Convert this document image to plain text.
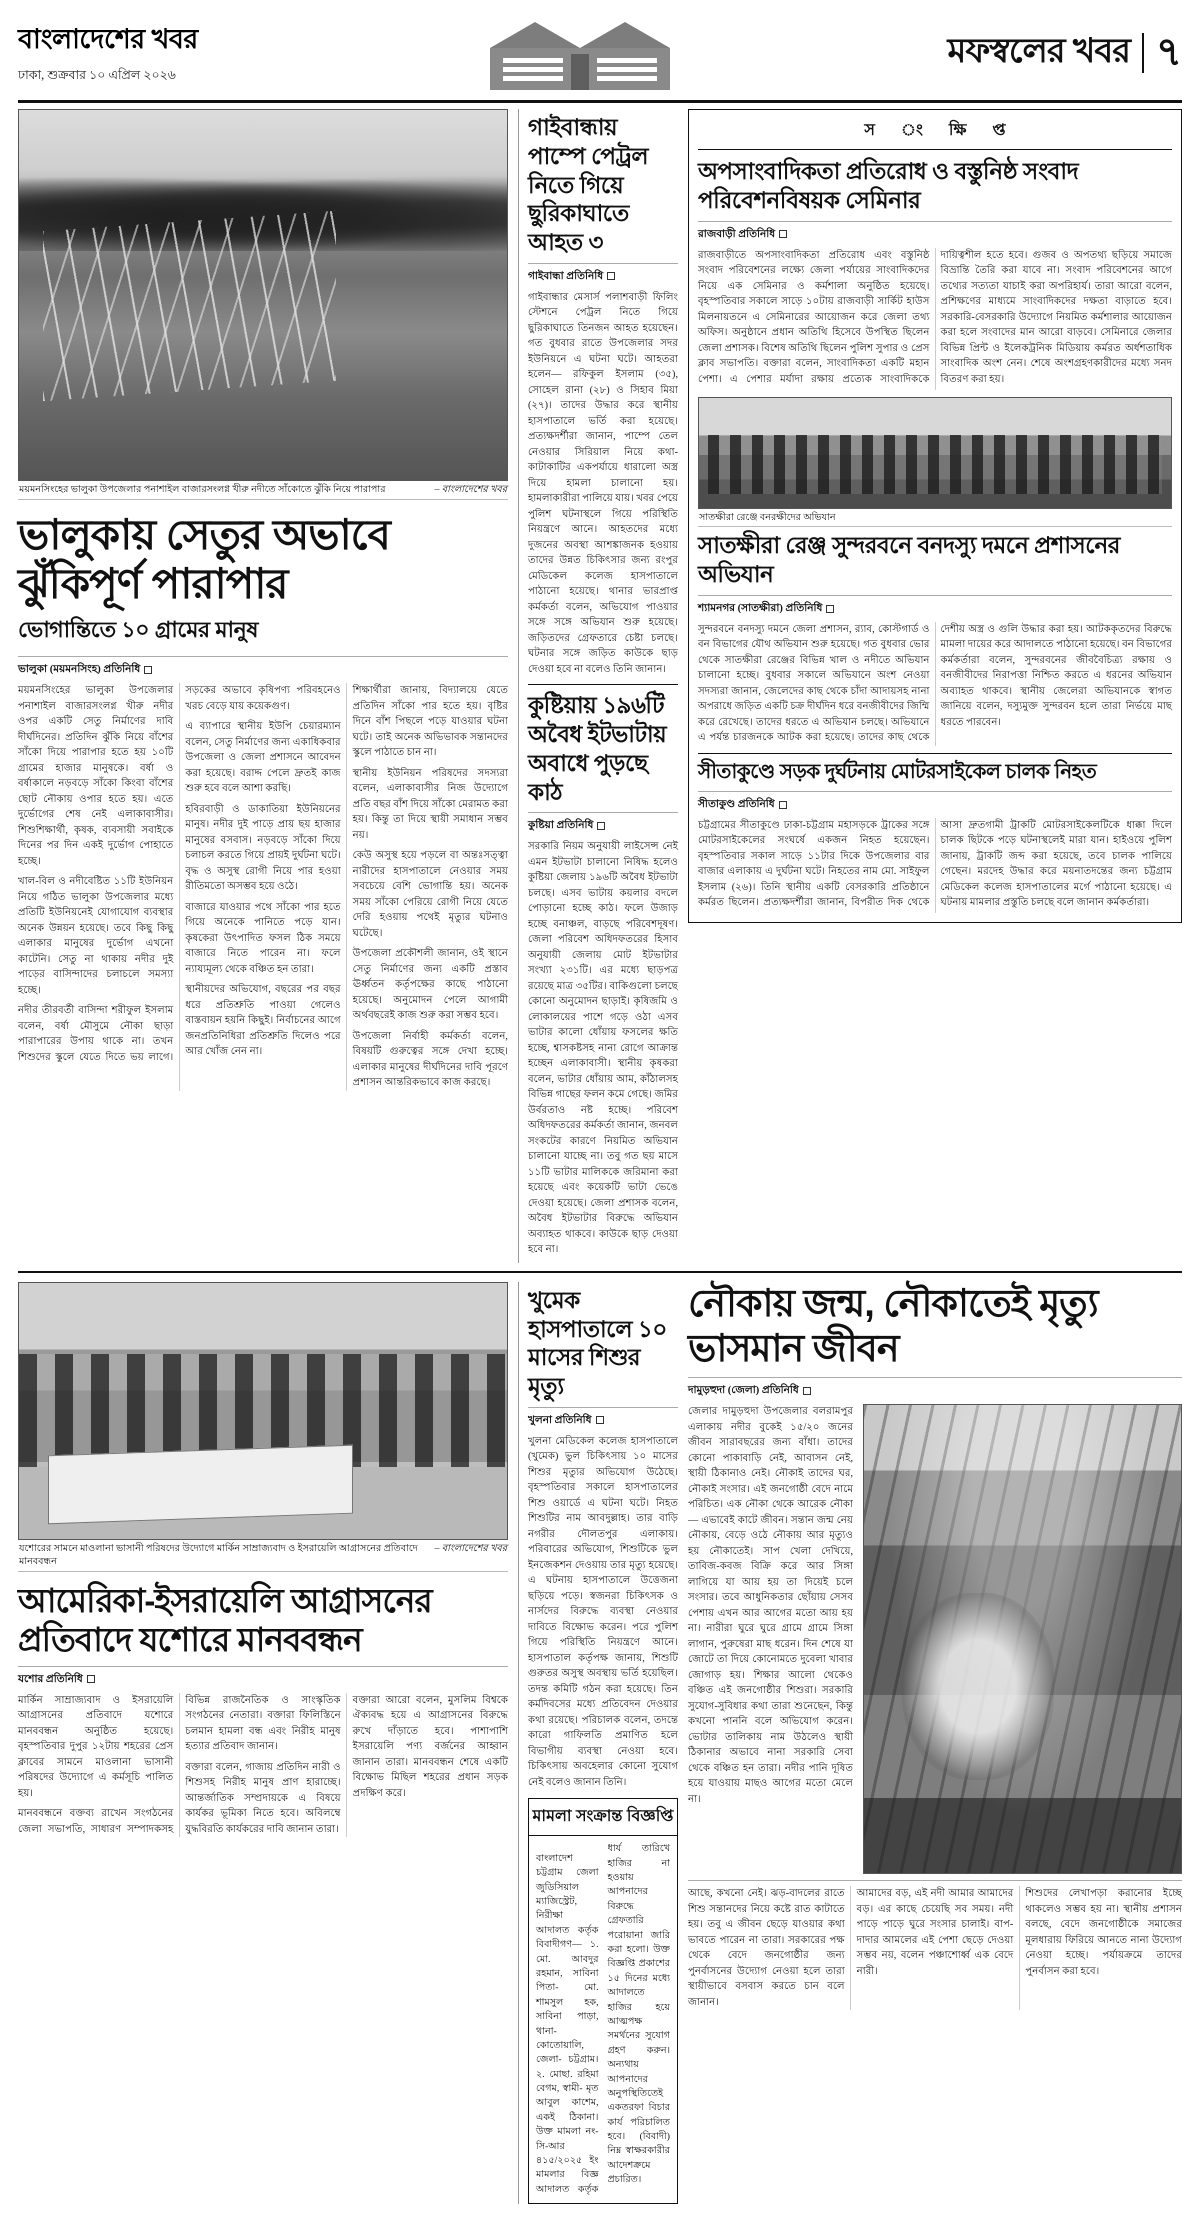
বাংলাদেশের খবর
ঢাকা, শুক্রবার ১০ এপ্রিল ২০২৬
মফস্বলের খবর ৭
ময়মনসিংহের ভালুকা উপজেলার পনাশাইল বাজারসংলগ্ন খীরু নদীতে সাঁকোতে ঝুঁকি নিয়ে পারাপার	– বাংলাদেশের খবর
ভালুকায় সেতুর অভাবে ঝুঁকিপূর্ণ পারাপার
ভোগান্তিতে ১০ গ্রামের মানুষ
ভালুকা (ময়মনসিংহ) প্রতিনিধি

ময়মনসিংহের ভালুকা উপজেলার পনাশাইল বাজারসংলগ্ন খীরু নদীর ওপর একটি সেতু নির্মাণের দাবি দীর্ঘদিনের। প্রতিদিন ঝুঁকি নিয়ে বাঁশের সাঁকো দিয়ে পারাপার হতে হয় ১০টি গ্রামের হাজার মানুষকে। বর্ষা ও বর্ষাকালে নড়বড়ে সাঁকো কিংবা বাঁশের ছোট নৌকায় ওপার হতে হয়। এতে দুর্ভোগের শেষ নেই এলাকাবাসীর। শিশুশিক্ষার্থী, কৃষক, ব্যবসায়ী সবাইকে দিনের পর দিন একই দুর্ভোগ পোহাতে হচ্ছে।

খাল-বিল ও নদীবেষ্টিত ১১টি ইউনিয়ন নিয়ে গঠিত ভালুকা উপজেলার মধ্যে প্রতিটি ইউনিয়নেই যোগাযোগ ব্যবস্থার অনেক উন্নয়ন হয়েছে। তবে কিছু কিছু এলাকার মানুষের দুর্ভোগ এখনো কাটেনি। সেতু না থাকায় নদীর দুই পাড়ের বাসিন্দাদের চলাচলে সমস্যা হচ্ছে।

নদীর তীরবর্তী বাসিন্দা শরীফুল ইসলাম বলেন, বর্ষা মৌসুমে নৌকা ছাড়া পারাপারের উপায় থাকে না। তখন শিশুদের স্কুলে যেতে দিতে ভয় লাগে। সড়কের অভাবে কৃষিপণ্য পরিবহনেও খরচ বেড়ে যায় কয়েকগুণ।

এ ব্যাপারে স্থানীয় ইউপি চেয়ারম্যান বলেন, সেতু নির্মাণের জন্য একাধিকবার উপজেলা ও জেলা প্রশাসনে আবেদন করা হয়েছে। বরাদ্দ পেলে দ্রুতই কাজ শুরু হবে বলে আশা করছি।

হবিরবাড়ী ও ডাকাতিয়া ইউনিয়নের মানুষ। নদীর দুই পাড়ে প্রায় ছয় হাজার মানুষের বসবাস। নড়বড়ে সাঁকো দিয়ে চলাচল করতে গিয়ে প্রায়ই দুর্ঘটনা ঘটে। বৃদ্ধ ও অসুস্থ রোগী নিয়ে পার হওয়া রীতিমতো অসম্ভব হয়ে ওঠে।

বাজারে যাওয়ার পথে সাঁকো পার হতে গিয়ে অনেকে পানিতে পড়ে যান। কৃষকেরা উৎপাদিত ফসল ঠিক সময়ে বাজারে নিতে পারেন না। ফলে ন্যায্যমূল্য থেকে বঞ্চিত হন তারা।

স্থানীয়দের অভিযোগ, বছরের পর বছর ধরে প্রতিশ্রুতি পাওয়া গেলেও বাস্তবায়ন হয়নি কিছুই। নির্বাচনের আগে জনপ্রতিনিধিরা প্রতিশ্রুতি দিলেও পরে আর খোঁজ নেন না।

শিক্ষার্থীরা জানায়, বিদ্যালয়ে যেতে প্রতিদিন সাঁকো পার হতে হয়। বৃষ্টির দিনে বাঁশ পিছলে পড়ে যাওয়ার ঘটনা ঘটে। তাই অনেক অভিভাবক সন্তানদের স্কুলে পাঠাতে চান না।

স্থানীয় ইউনিয়ন পরিষদের সদস্যরা বলেন, এলাকাবাসীর নিজ উদ্যোগে প্রতি বছর বাঁশ দিয়ে সাঁকো মেরামত করা হয়। কিন্তু তা দিয়ে স্থায়ী সমাধান সম্ভব নয়।

কেউ অসুস্থ হয়ে পড়লে বা অন্তঃসত্ত্বা নারীদের হাসপাতালে নেওয়ার সময় সবচেয়ে বেশি ভোগান্তি হয়। অনেক সময় সাঁকো পেরিয়ে রোগী নিয়ে যেতে দেরি হওয়ায় পথেই মৃত্যুর ঘটনাও ঘটেছে।

উপজেলা প্রকৌশলী জানান, ওই স্থানে সেতু নির্মাণের জন্য একটি প্রস্তাব ঊর্ধ্বতন কর্তৃপক্ষের কাছে পাঠানো হয়েছে। অনুমোদন পেলে আগামী অর্থবছরেই কাজ শুরু করা সম্ভব হবে।

উপজেলা নির্বাহী কর্মকর্তা বলেন, বিষয়টি গুরুত্বের সঙ্গে দেখা হচ্ছে। এলাকার মানুষের দীর্ঘদিনের দাবি পূরণে প্রশাসন আন্তরিকভাবে কাজ করছে।

গাইবান্ধায় পাম্পে পেট্রল নিতে গিয়ে ছুরিকাঘাতে আহত ৩
গাইবান্ধা প্রতিনিধি

গাইবান্ধার মেসার্স পলাশবাড়ী ফিলিং স্টেশনে পেট্রল নিতে গিয়ে ছুরিকাঘাতে তিনজন আহত হয়েছেন। গত বুধবার রাতে উপজেলার সদর ইউনিয়নে এ ঘটনা ঘটে। আহতরা হলেন— রফিকুল ইসলাম (৩৫), সোহেল রানা (২৮) ও সিহাব মিয়া (২৭)। তাদের উদ্ধার করে স্থানীয় হাসপাতালে ভর্তি করা হয়েছে। প্রত্যক্ষদর্শীরা জানান, পাম্পে তেল নেওয়ার সিরিয়াল নিয়ে কথা-কাটাকাটির একপর্যায়ে ধারালো অস্ত্র দিয়ে হামলা চালানো হয়। হামলাকারীরা পালিয়ে যায়। খবর পেয়ে পুলিশ ঘটনাস্থলে গিয়ে পরিস্থিতি নিয়ন্ত্রণে আনে। আহতদের মধ্যে দুজনের অবস্থা আশঙ্কাজনক হওয়ায় তাদের উন্নত চিকিৎসার জন্য রংপুর মেডিকেল কলেজ হাসপাতালে পাঠানো হয়েছে। থানার ভারপ্রাপ্ত কর্মকর্তা বলেন, অভিযোগ পাওয়ার সঙ্গে সঙ্গে অভিযান শুরু হয়েছে। জড়িতদের গ্রেফতারে চেষ্টা চলছে। ঘটনার সঙ্গে জড়িত কাউকে ছাড় দেওয়া হবে না বলেও তিনি জানান।

কুষ্টিয়ায় ১৯৬টি অবৈধ ইটভাটায় অবাধে পুড়ছে কাঠ
কুষ্টিয়া প্রতিনিধি

সরকারি নিয়ম অনুযায়ী লাইসেন্স নেই এমন ইটভাটা চালানো নিষিদ্ধ হলেও কুষ্টিয়া জেলায় ১৯৬টি অবৈধ ইটভাটা চলছে। এসব ভাটায় কয়লার বদলে পোড়ানো হচ্ছে কাঠ। ফলে উজাড় হচ্ছে বনাঞ্চল, বাড়ছে পরিবেশদূষণ। জেলা পরিবেশ অধিদফতরের হিসাব অনুযায়ী জেলায় মোট ইটভাটার সংখ্যা ২৩১টি। এর মধ্যে ছাড়পত্র রয়েছে মাত্র ৩৫টির। বাকিগুলো চলছে কোনো অনুমোদন ছাড়াই। কৃষিজমি ও লোকালয়ের পাশে গড়ে ওঠা এসব ভাটার কালো ধোঁয়ায় ফসলের ক্ষতি হচ্ছে, শ্বাসকষ্টসহ নানা রোগে আক্রান্ত হচ্ছেন এলাকাবাসী। স্থানীয় কৃষকরা বলেন, ভাটার ধোঁয়ায় আম, কাঁঠালসহ বিভিন্ন গাছের ফলন কমে গেছে। জমির উর্বরতাও নষ্ট হচ্ছে। পরিবেশ অধিদফতরের কর্মকর্তা জানান, জনবল সংকটের কারণে নিয়মিত অভিযান চালানো যাচ্ছে না। তবু গত ছয় মাসে ১১টি ভাটার মালিককে জরিমানা করা হয়েছে এবং কয়েকটি ভাটা ভেঙে দেওয়া হয়েছে। জেলা প্রশাসক বলেন, অবৈধ ইটভাটার বিরুদ্ধে অভিযান অব্যাহত থাকবে। কাউকে ছাড় দেওয়া হবে না।

স ং ক্ষি প্ত
অপসাংবাদিকতা প্রতিরোধ ও বস্তুনিষ্ঠ সংবাদ পরিবেশনবিষয়ক সেমিনার
রাজবাড়ী প্রতিনিধি

রাজবাড়ীতে অপসাংবাদিকতা প্রতিরোধ এবং বস্তুনিষ্ঠ সংবাদ পরিবেশনের লক্ষ্যে জেলা পর্যায়ের সাংবাদিকদের নিয়ে এক সেমিনার ও কর্মশালা অনুষ্ঠিত হয়েছে। বৃহস্পতিবার সকালে সাড়ে ১০টায় রাজবাড়ী সার্কিট হাউস মিলনায়তনে এ সেমিনারের আয়োজন করে জেলা তথ্য অফিস। অনুষ্ঠানে প্রধান অতিথি হিসেবে উপস্থিত ছিলেন জেলা প্রশাসক। বিশেষ অতিথি ছিলেন পুলিশ সুপার ও প্রেস ক্লাব সভাপতি। বক্তারা বলেন, সাংবাদিকতা একটি মহান পেশা। এ পেশার মর্যাদা রক্ষায় প্রত্যেক সাংবাদিককে দায়িত্বশীল হতে হবে। গুজব ও অপতথ্য ছড়িয়ে সমাজে বিভ্রান্তি তৈরি করা যাবে না। সংবাদ পরিবেশনের আগে তথ্যের সত্যতা যাচাই করা অপরিহার্য। তারা আরো বলেন, প্রশিক্ষণের মাধ্যমে সাংবাদিকদের দক্ষতা বাড়াতে হবে। সরকারি-বেসরকারি উদ্যোগে নিয়মিত কর্মশালার আয়োজন করা হলে সংবাদের মান আরো বাড়বে। সেমিনারে জেলার বিভিন্ন প্রিন্ট ও ইলেকট্রনিক মিডিয়ায় কর্মরত অর্ধশতাধিক সাংবাদিক অংশ নেন। শেষে অংশগ্রহণকারীদের মধ্যে সনদ বিতরণ করা হয়।

সাতক্ষীরা রেঞ্জে বনরক্ষীদের অভিযান
সাতক্ষীরা রেঞ্জ সুন্দরবনে বনদস্যু দমনে প্রশাসনের অভিযান
শ্যামনগর (সাতক্ষীরা) প্রতিনিধি

সুন্দরবনে বনদস্যু দমনে জেলা প্রশাসন, র‌্যাব, কোস্টগার্ড ও বন বিভাগের যৌথ অভিযান শুরু হয়েছে। গত বুধবার ভোর থেকে সাতক্ষীরা রেঞ্জের বিভিন্ন খাল ও নদীতে অভিযান চালানো হচ্ছে। বুধবার সকালে অভিযানে অংশ নেওয়া সদস্যরা জানান, জেলেদের কাছ থেকে চাঁদা আদায়সহ নানা অপরাধে জড়িত একটি চক্র দীর্ঘদিন ধরে বনজীবীদের জিম্মি করে রেখেছে। তাদের ধরতে এ অভিযান চলছে। অভিযানে এ পর্যন্ত চারজনকে আটক করা হয়েছে। তাদের কাছ থেকে দেশীয় অস্ত্র ও গুলি উদ্ধার করা হয়। আটককৃতদের বিরুদ্ধে মামলা দায়ের করে আদালতে পাঠানো হয়েছে। বন বিভাগের কর্মকর্তারা বলেন, সুন্দরবনের জীববৈচিত্র্য রক্ষায় ও বনজীবীদের নিরাপত্তা নিশ্চিত করতে এ ধরনের অভিযান অব্যাহত থাকবে। স্থানীয় জেলেরা অভিযানকে স্বাগত জানিয়ে বলেন, দস্যুমুক্ত সুন্দরবন হলে তারা নির্ভয়ে মাছ ধরতে পারবেন।

সীতাকুণ্ডে সড়ক দুর্ঘটনায় মোটরসাইকেল চালক নিহত
সীতাকুণ্ড প্রতিনিধি

চট্টগ্রামের সীতাকুণ্ডে ঢাকা-চট্টগ্রাম মহাসড়কে ট্রাকের সঙ্গে মোটরসাইকেলের সংঘর্ষে একজন নিহত হয়েছেন। বৃহস্পতিবার সকাল সাড়ে ১১টার দিকে উপজেলার বার বাজার এলাকায় এ দুর্ঘটনা ঘটে। নিহতের নাম মো. সাইফুল ইসলাম (২৬)। তিনি স্থানীয় একটি বেসরকারি প্রতিষ্ঠানে কর্মরত ছিলেন। প্রত্যক্ষদর্শীরা জানান, বিপরীত দিক থেকে আসা দ্রুতগামী ট্রাকটি মোটরসাইকেলটিকে ধাক্কা দিলে চালক ছিটকে পড়ে ঘটনাস্থলেই মারা যান। হাইওয়ে পুলিশ জানায়, ট্রাকটি জব্দ করা হয়েছে, তবে চালক পালিয়ে গেছেন। মরদেহ উদ্ধার করে ময়নাতদন্তের জন্য চট্টগ্রাম মেডিকেল কলেজ হাসপাতালের মর্গে পাঠানো হয়েছে। এ ঘটনায় মামলার প্রস্তুতি চলছে বলে জানান কর্মকর্তারা।

যশোরের সামনে মাওলানা ভাসানী পরিষদের উদ্যোগে মার্কিন সাম্রাজ্যবাদ ও ইসরায়েলি আগ্রাসনের প্রতিবাদে মানববন্ধন
– বাংলাদেশের খবর
আমেরিকা-ইসরায়েলি আগ্রাসনের প্রতিবাদে যশোরে মানববন্ধন
যশোর প্রতিনিধি

মার্কিন সাম্রাজ্যবাদ ও ইসরায়েলি আগ্রাসনের প্রতিবাদে যশোরে মানববন্ধন অনুষ্ঠিত হয়েছে। বৃহস্পতিবার দুপুর ১২টায় শহরের প্রেস ক্লাবের সামনে মাওলানা ভাসানী পরিষদের উদ্যোগে এ কর্মসূচি পালিত হয়।

মানববন্ধনে বক্তব্য রাখেন সংগঠনের জেলা সভাপতি, সাধারণ সম্পাদকসহ বিভিন্ন রাজনৈতিক ও সাংস্কৃতিক সংগঠনের নেতারা। বক্তারা ফিলিস্তিনে চলমান হামলা বন্ধ এবং নিরীহ মানুষ হত্যার প্রতিবাদ জানান।

বক্তারা বলেন, গাজায় প্রতিদিন নারী ও শিশুসহ নিরীহ মানুষ প্রাণ হারাচ্ছে। আন্তর্জাতিক সম্প্রদায়কে এ বিষয়ে কার্যকর ভূমিকা নিতে হবে। অবিলম্বে যুদ্ধবিরতি কার্যকরের দাবি জানান তারা।

বক্তারা আরো বলেন, মুসলিম বিশ্বকে ঐক্যবদ্ধ হয়ে এ আগ্রাসনের বিরুদ্ধে রুখে দাঁড়াতে হবে। পাশাপাশি ইসরায়েলি পণ্য বর্জনের আহ্বান জানান তারা। মানববন্ধন শেষে একটি বিক্ষোভ মিছিল শহরের প্রধান সড়ক প্রদক্ষিণ করে।

খুমেক হাসপাতালে ১০ মাসের শিশুর মৃত্যু
খুলনা প্রতিনিধি

খুলনা মেডিকেল কলেজ হাসপাতালে (খুমেক) ভুল চিকিৎসায় ১০ মাসের শিশুর মৃত্যুর অভিযোগ উঠেছে। বৃহস্পতিবার সকালে হাসপাতালের শিশু ওয়ার্ডে এ ঘটনা ঘটে। নিহত শিশুটির নাম আবদুল্লাহ। তার বাড়ি নগরীর দৌলতপুর এলাকায়। পরিবারের অভিযোগ, শিশুটিকে ভুল ইনজেকশন দেওয়ায় তার মৃত্যু হয়েছে। এ ঘটনায় হাসপাতালে উত্তেজনা ছড়িয়ে পড়ে। স্বজনরা চিকিৎসক ও নার্সদের বিরুদ্ধে ব্যবস্থা নেওয়ার দাবিতে বিক্ষোভ করেন। পরে পুলিশ গিয়ে পরিস্থিতি নিয়ন্ত্রণে আনে। হাসপাতাল কর্তৃপক্ষ জানায়, শিশুটি গুরুতর অসুস্থ অবস্থায় ভর্তি হয়েছিল। তদন্ত কমিটি গঠন করা হয়েছে। তিন কর্মদিবসের মধ্যে প্রতিবেদন দেওয়ার কথা রয়েছে। পরিচালক বলেন, তদন্তে কারো গাফিলতি প্রমাণিত হলে বিভাগীয় ব্যবস্থা নেওয়া হবে। চিকিৎসায় অবহেলার কোনো সুযোগ নেই বলেও জানান তিনি।

মামলা সংক্রান্ত বিজ্ঞপ্তি

বাংলাদেশ চট্টগ্রাম জেলা জুডিসিয়াল ম্যাজিস্ট্রেট, নিরীক্ষা আদালত কর্তৃক বিবাদীগণ— ১. মো. আবদুর রহমান, সাবিনা পিতা- মো. শামসুল হক, সাবিনা পাড়া, থানা- কোতোয়ালি, জেলা- চট্টগ্রাম। ২. মোছা. রহিমা বেগম, স্বামী- মৃত আবুল কাশেম, একই ঠিকানা। উক্ত মামলা নং- সি-আর ৪১৫/২০২৫ ইং মামলার বিজ্ঞ আদালত কর্তৃক ধার্য তারিখে হাজির না হওয়ায় আপনাদের বিরুদ্ধে গ্রেফতারি পরোয়ানা জারি করা হলো। উক্ত বিজ্ঞপ্তি প্রকাশের ১৫ দিনের মধ্যে আদালতে হাজির হয়ে আত্মপক্ষ সমর্থনের সুযোগ গ্রহণ করুন। অন্যথায় আপনাদের অনুপস্থিতিতেই একতরফা বিচার কার্য পরিচালিত হবে। (বিবাদী) নিম্ন স্বাক্ষরকারীর আদেশক্রমে প্রচারিত।

নৌকায় জন্ম, নৌকাতেই মৃত্যু ভাসমান জীবন
দামুড়হুদা (জেলা) প্রতিনিধি

জেলার দামুড়হুদা উপজেলার বলরামপুর এলাকায় নদীর বুকেই ১৫/২০ জনের জীবন সারাবছরের জন্য বাঁধা। তাদের কোনো পাকাবাড়ি নেই, আবাসন নেই, স্থায়ী ঠিকানাও নেই। নৌকাই তাদের ঘর, নৌকাই সংসার। এই জনগোষ্ঠী বেদে নামে পরিচিত। এক নৌকা থেকে আরেক নৌকা— এভাবেই কাটে জীবন। সন্তান জন্ম নেয় নৌকায়, বেড়ে ওঠে নৌকায় আর মৃত্যুও হয় নৌকাতেই। সাপ খেলা দেখিয়ে, তাবিজ-কবজ বিক্রি করে আর সিঙ্গা লাগিয়ে যা আয় হয় তা দিয়েই চলে সংসার। তবে আধুনিকতার ছোঁয়ায় সেসব পেশায় এখন আর আগের মতো আয় হয় না। নারীরা ঘুরে ঘুরে গ্রামে গ্রামে সিঙ্গা লাগান, পুরুষেরা মাছ ধরেন। দিন শেষে যা জোটে তা দিয়ে কোনোমতে দুবেলা খাবার জোগাড় হয়। শিক্ষার আলো থেকেও বঞ্চিত এই জনগোষ্ঠীর শিশুরা। সরকারি সুযোগ-সুবিধার কথা তারা শুনেছেন, কিন্তু কখনো পাননি বলে অভিযোগ করেন। ভোটার তালিকায় নাম উঠলেও স্থায়ী ঠিকানার অভাবে নানা সরকারি সেবা থেকে বঞ্চিত হন তারা। নদীর পানি দূষিত হয়ে যাওয়ায় মাছও আগের মতো মেলে না।

আছে, কখনো নেই। ঝড়-বাদলের রাতে শিশু সন্তানদের নিয়ে কষ্টে রাত কাটাতে হয়। তবু এ জীবন ছেড়ে যাওয়ার কথা ভাবতে পারেন না তারা। সরকারের পক্ষ থেকে বেদে জনগোষ্ঠীর জন্য পুনর্বাসনের উদ্যোগ নেওয়া হলে তারা স্থায়ীভাবে বসবাস করতে চান বলে জানান।

আমাদের বড়, এই নদী আমার আমাদের বড়। এর কাছে চেয়েছি সব সময়। নদী পাড়ে পাড়ে ঘুরে সংসার চালাই। বাপ-দাদার আমলের এই পেশা ছেড়ে দেওয়া সম্ভব নয়, বলেন পঞ্চাশোর্ধ্ব এক বেদে নারী।

শিশুদের লেখাপড়া করানোর ইচ্ছে থাকলেও সম্ভব হয় না। স্থানীয় প্রশাসন বলছে, বেদে জনগোষ্ঠীকে সমাজের মূলধারায় ফিরিয়ে আনতে নানা উদ্যোগ নেওয়া হচ্ছে। পর্যায়ক্রমে তাদের পুনর্বাসন করা হবে।
